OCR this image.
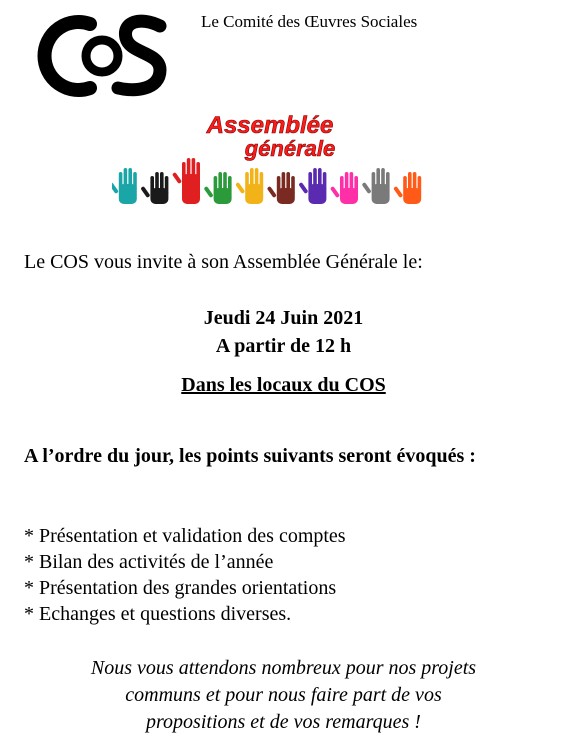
Le Comité des Œuvres Sociales
Assemblée
générale
Le COS vous invite à son Assemblée Générale le:
Jeudi 24 Juin 2021
A partir de 12 h
Dans les locaux du COS
A l’ordre du jour, les points suivants seront évoqués :
* Présentation et validation des comptes
* Bilan des activités de l’année
* Présentation des grandes orientations
* Echanges et questions diverses.
Nous vous attendons nombreux pour nos projets
communs et pour nous faire part de vos
propositions et de vos remarques !
